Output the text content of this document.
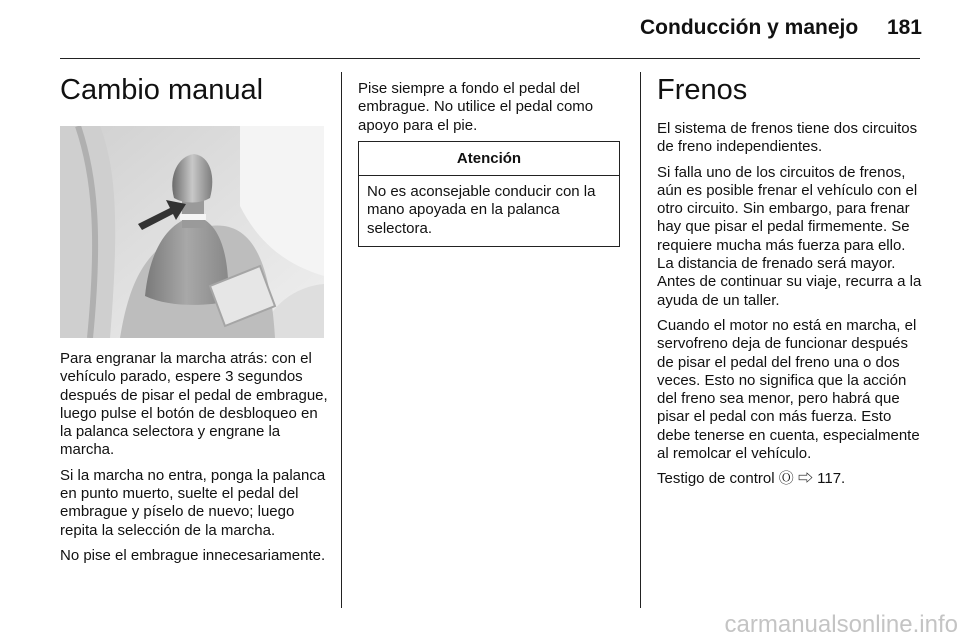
Conducción y manejo 181
Cambio manual

Para engranar la marcha atrás: con el vehículo parado, espere 3 segundos después de pisar el pedal de embrague, luego pulse el botón de desbloqueo en la palanca selectora y engrane la marcha.

Si la marcha no entra, ponga la palanca en punto muerto, suelte el pedal del embrague y píselo de nuevo; luego repita la selección de la marcha.

No pise el embrague innecesariamente.

Pise siempre a fondo el pedal del embrague. No utilice el pedal como apoyo para el pie.

Atención
No es aconsejable conducir con la mano apoyada en la palanca selectora.
Frenos

El sistema de frenos tiene dos circuitos de freno independientes.

Si falla uno de los circuitos de frenos, aún es posible frenar el vehículo con el otro circuito. Sin embargo, para frenar hay que pisar el pedal firmemente. Se requiere mucha más fuerza para ello. La distancia de frenado será mayor. Antes de continuar su viaje, recurra a la ayuda de un taller.

Cuando el motor no está en marcha, el servofreno deja de funcionar después de pisar el pedal del freno una o dos veces. Esto no significa que la acción del freno sea menor, pero habrá que pisar el pedal con más fuerza. Esto debe tenerse en cuenta, especialmente al remolcar el vehículo.

Testigo de control Ⓞ ⇨ 117.

carmanualsonline.info
